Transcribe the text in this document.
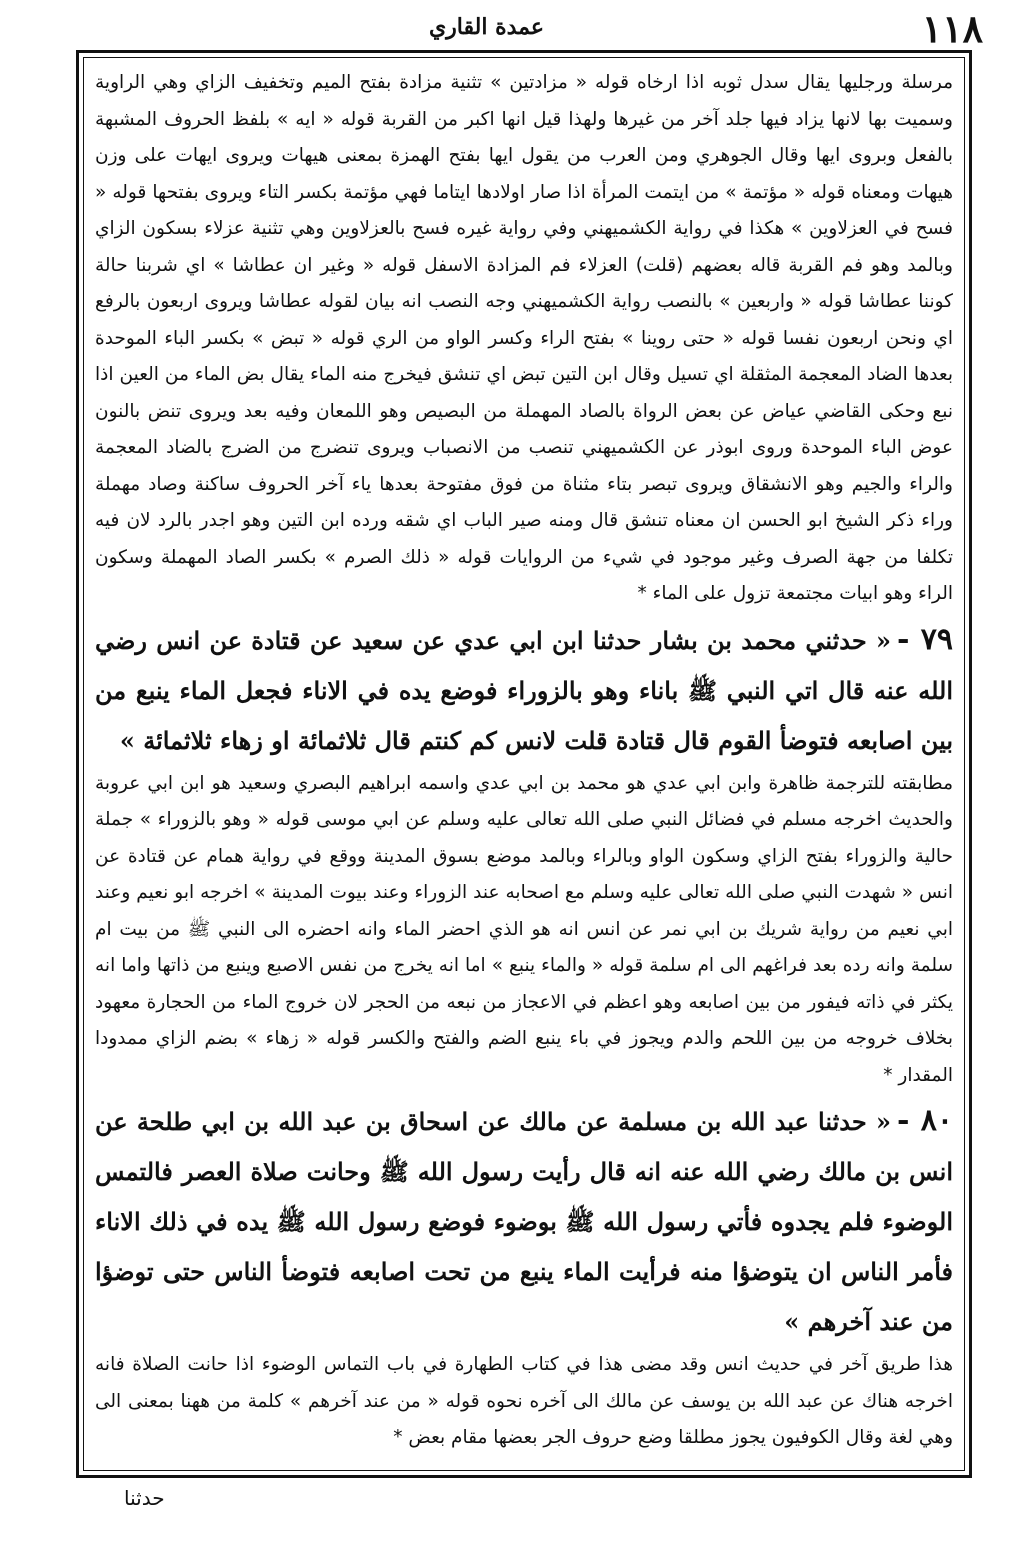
١١٨
عمدة القاري

مرسلة ورجليها يقال سدل ثوبه اذا ارخاه قوله « مزادتين » تثنية مزادة بفتح الميم وتخفيف الزاي وهي الراوية وسميت بها لانها يزاد فيها جلد آخر من غيرها ولهذا قيل انها اكبر من القربة قوله « ايه » بلفظ الحروف المشبهة بالفعل وبروى ايها وقال الجوهري ومن العرب من يقول ايها بفتح الهمزة بمعنى هيهات ويروى ايهات على وزن هيهات ومعناه قوله « مؤتمة » من ايتمت المرأة اذا صار اولادها ايتاما فهي مؤتمة بكسر التاء ويروى بفتحها قوله « فسح في العزلاوين » هكذا في رواية الكشميهني وفي رواية غيره فسح بالعزلاوين وهي تثنية عزلاء بسكون الزاي وبالمد وهو فم القربة قاله بعضهم (قلت) العزلاء فم المزادة الاسفل قوله « وغير ان عطاشا » اي شربنا حالة كوننا عطاشا قوله « واربعين » بالنصب رواية الكشميهني وجه النصب انه بيان لقوله عطاشا ويروى اربعون بالرفع اي ونحن اربعون نفسا قوله « حتى روينا » بفتح الراء وكسر الواو من الري قوله « تبض » بكسر الباء الموحدة بعدها الضاد المعجمة المثقلة اي تسيل وقال ابن التين تبض اي تنشق فيخرج منه الماء يقال بض الماء من العين اذا نبع وحكى القاضي عياض عن بعض الرواة بالصاد المهملة من البصيص وهو اللمعان وفيه بعد ويروى تنض بالنون عوض الباء الموحدة وروى ابوذر عن الكشميهني تنصب من الانصباب ويروى تنضرج من الضرج بالضاد المعجمة والراء والجيم وهو الانشقاق ويروى تبصر بتاء مثناة من فوق مفتوحة بعدها ياء آخر الحروف ساكنة وصاد مهملة وراء ذكر الشيخ ابو الحسن ان معناه تنشق قال ومنه صير الباب اي شقه ورده ابن التين وهو اجدر بالرد لان فيه تكلفا من جهة الصرف وغير موجود في شيء من الروايات قوله « ذلك الصرم » بكسر الصاد المهملة وسكون الراء وهو ابيات مجتمعة تزول على الماء *

٧٩ -« حدثني محمد بن بشار حدثنا ابن ابي عدي عن سعيد عن قتادة عن انس رضي الله عنه قال اتي النبي ﷺ باناء وهو بالزوراء فوضع يده في الاناء فجعل الماء ينبع من بين اصابعه فتوضأ القوم قال قتادة قلت لانس كم كنتم قال ثلاثمائة او زهاء ثلاثمائة »

مطابقته للترجمة ظاهرة وابن ابي عدي هو محمد بن ابي عدي واسمه ابراهيم البصري وسعيد هو ابن ابي عروبة والحديث اخرجه مسلم في فضائل النبي صلى الله تعالى عليه وسلم عن ابي موسى قوله « وهو بالزوراء » جملة حالية والزوراء بفتح الزاي وسكون الواو وبالراء وبالمد موضع بسوق المدينة ووقع في رواية همام عن قتادة عن انس « شهدت النبي صلى الله تعالى عليه وسلم مع اصحابه عند الزوراء وعند بيوت المدينة » اخرجه ابو نعيم وعند ابي نعيم من رواية شريك بن ابي نمر عن انس انه هو الذي احضر الماء وانه احضره الى النبي ﷺ من بيت ام سلمة وانه رده بعد فراغهم الى ام سلمة قوله « والماء ينبع » اما انه يخرج من نفس الاصبع وينبع من ذاتها واما انه يكثر في ذاته فيفور من بين اصابعه وهو اعظم في الاعجاز من نبعه من الحجر لان خروج الماء من الحجارة معهود بخلاف خروجه من بين اللحم والدم ويجوز في باء ينبع الضم والفتح والكسر قوله « زهاء » بضم الزاي ممدودا المقدار *

٨٠ -« حدثنا عبد الله بن مسلمة عن مالك عن اسحاق بن عبد الله بن ابي طلحة عن انس بن مالك رضي الله عنه انه قال رأيت رسول الله ﷺ وحانت صلاة العصر فالتمس الوضوء فلم يجدوه فأتي رسول الله ﷺ بوضوء فوضع رسول الله ﷺ يده في ذلك الاناء فأمر الناس ان يتوضؤا منه فرأيت الماء ينبع من تحت اصابعه فتوضأ الناس حتى توضؤا من عند آخرهم »

هذا طريق آخر في حديث انس وقد مضى هذا في كتاب الطهارة في باب التماس الوضوء اذا حانت الصلاة فانه اخرجه هناك عن عبد الله بن يوسف عن مالك الى آخره نحوه قوله « من عند آخرهم » كلمة من ههنا بمعنى الى وهي لغة وقال الكوفيون يجوز مطلقا وضع حروف الجر بعضها مقام بعض *

حدثنا
